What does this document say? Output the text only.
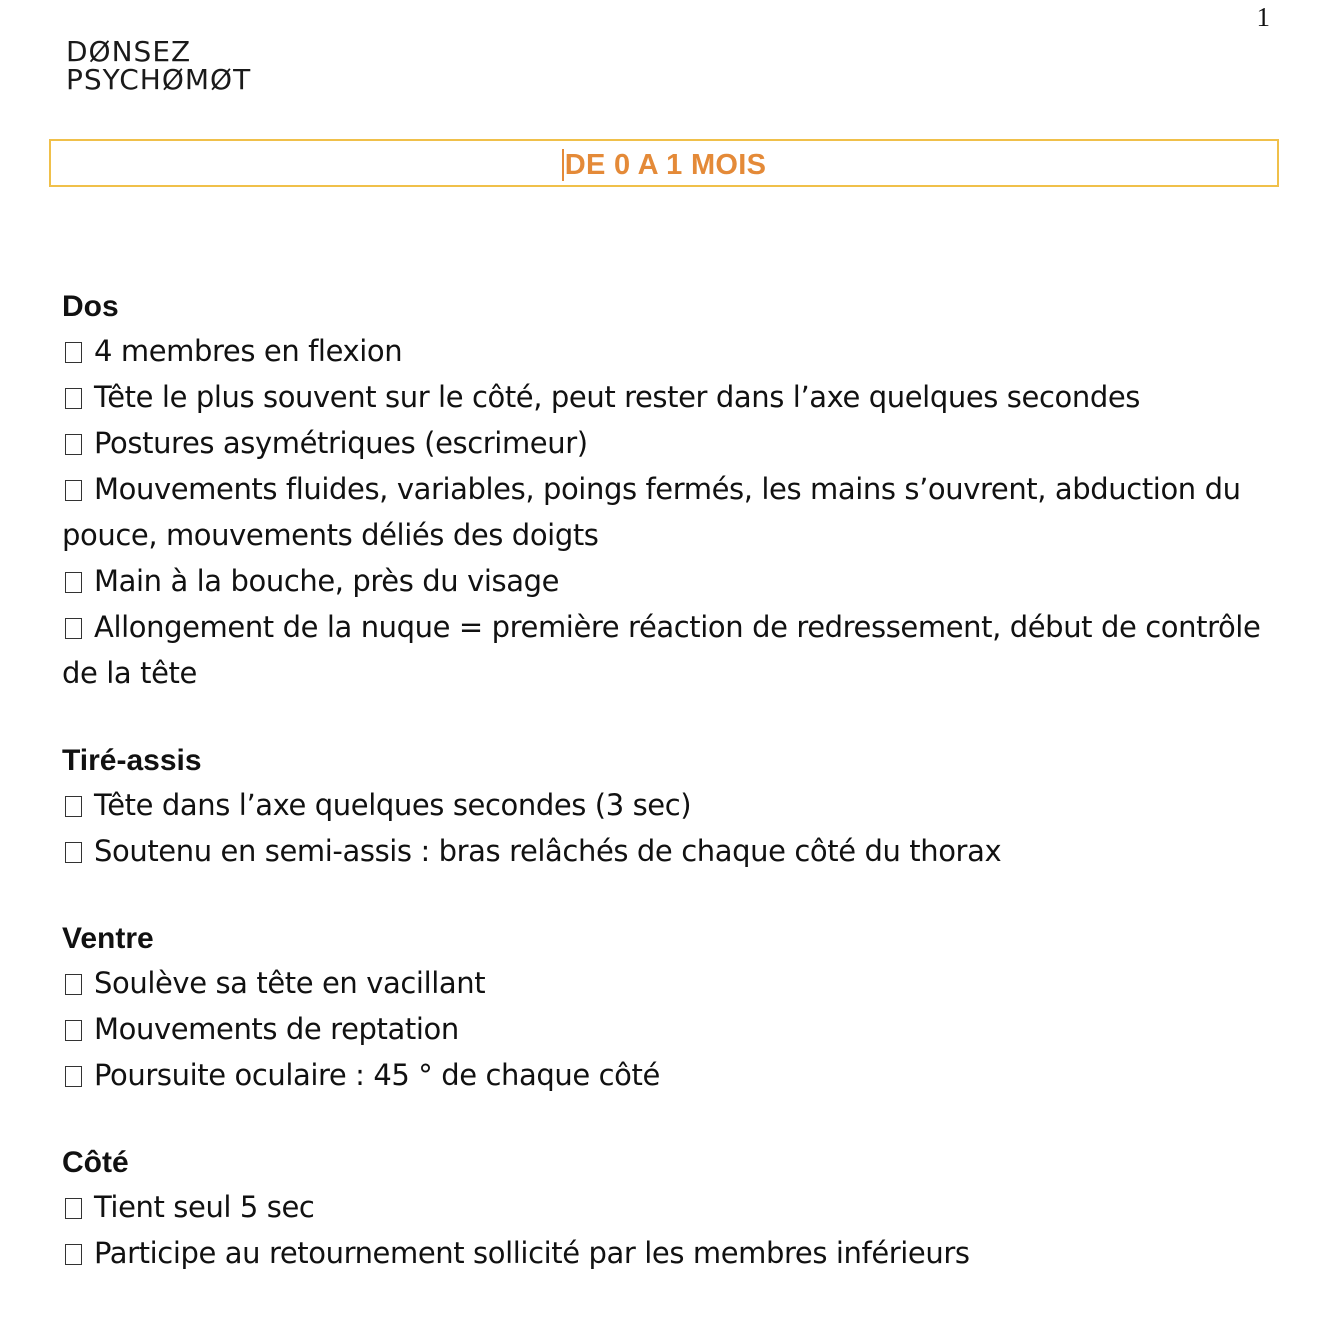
1
DØNSEZ
PSYCHØMØT
DE 0 A 1 MOIS

Dos

4 membres en flexion

Tête le plus souvent sur le côté, peut rester dans l’axe quelques secondes

Postures asymétriques (escrimeur)

Mouvements fluides, variables, poings fermés, les mains s’ouvrent, abduction du pouce, mouvements déliés des doigts

Main à la bouche, près du visage

Allongement de la nuque = première réaction de redressement, début de contrôle de la tête

Tiré-assis

Tête dans l’axe quelques secondes (3 sec)

Soutenu en semi-assis : bras relâchés de chaque côté du thorax

Ventre

Soulève sa tête en vacillant

Mouvements de reptation

Poursuite oculaire : 45 ° de chaque côté

Côté

Tient seul 5 sec

Participe au retournement sollicité par les membres inférieurs
